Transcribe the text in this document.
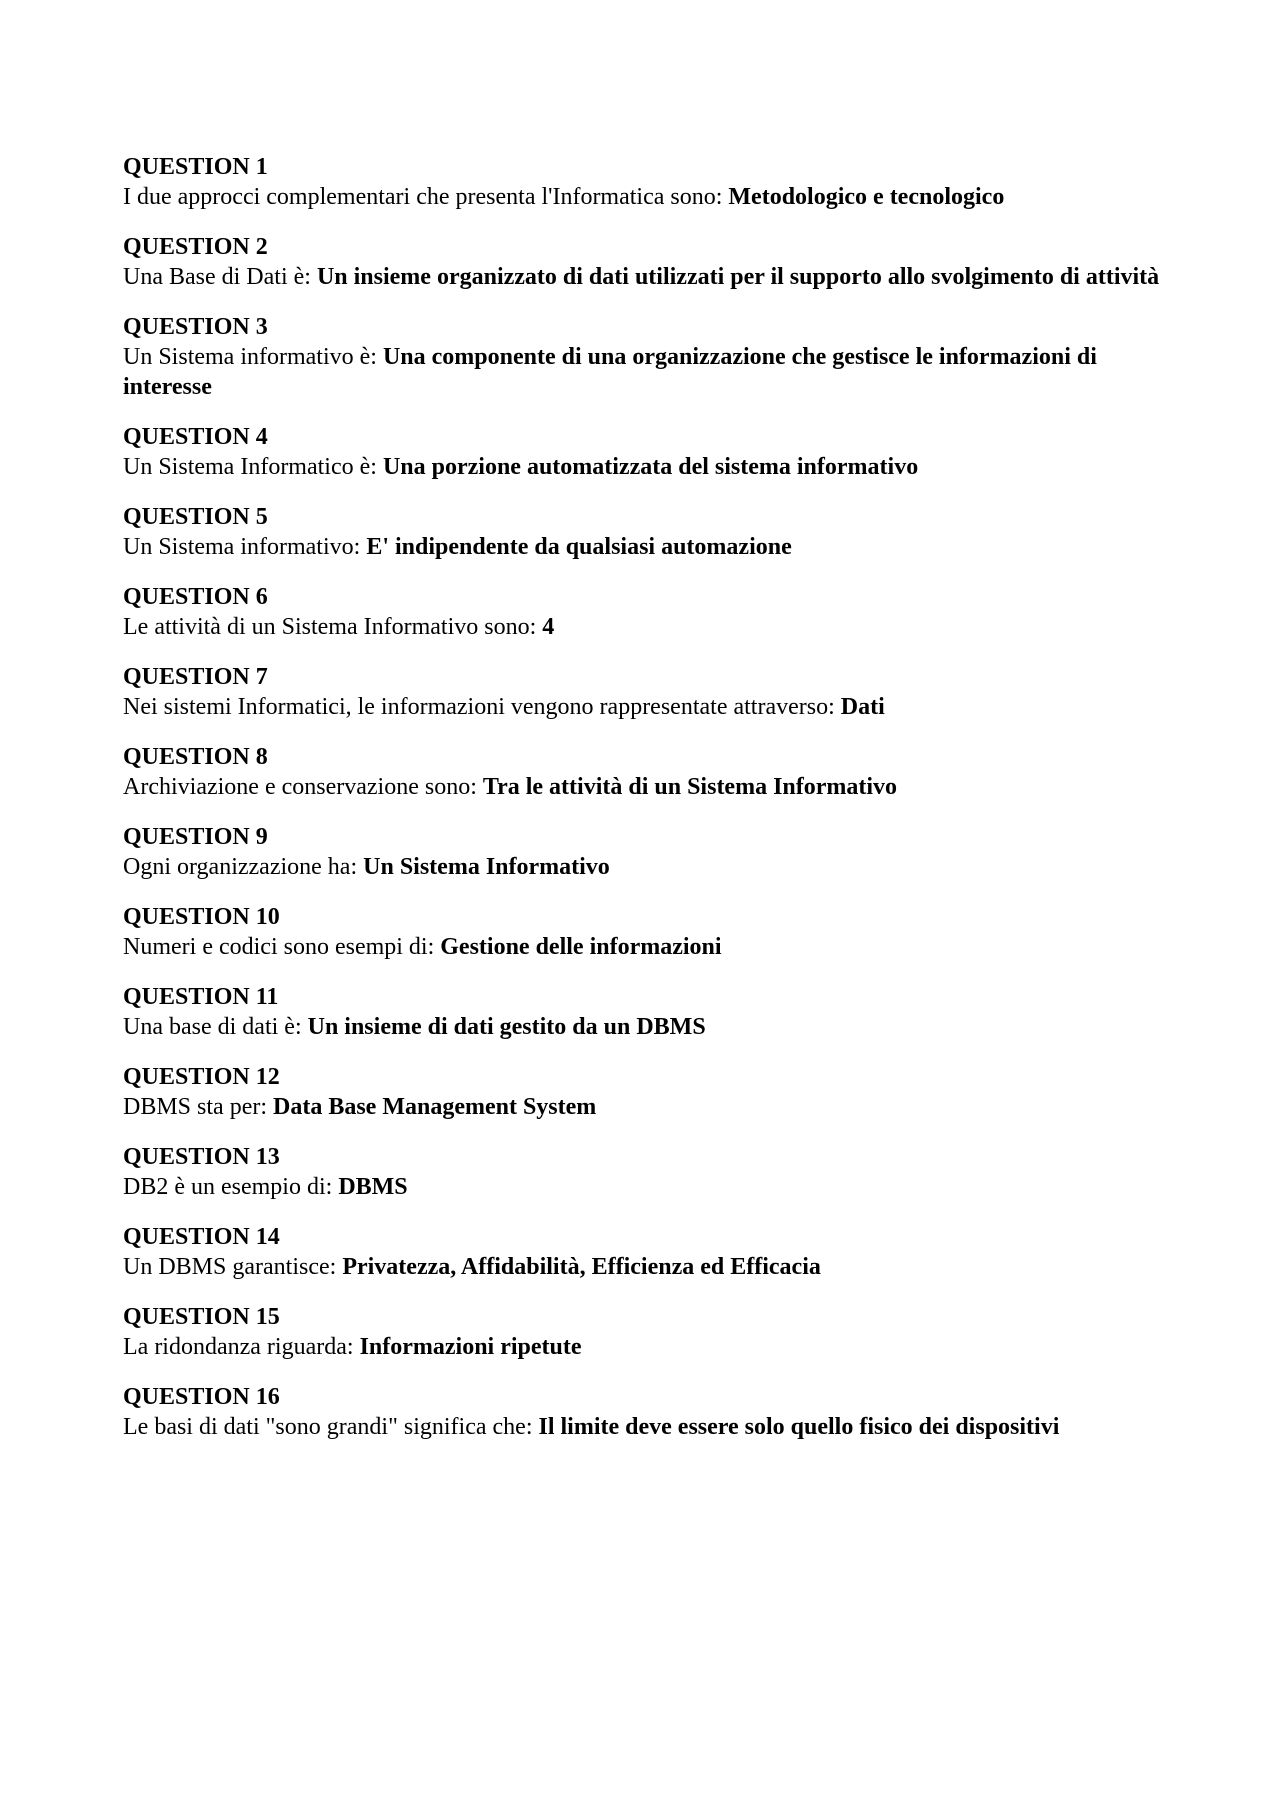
QUESTION 1
I due approcci complementari che presenta l'Informatica sono: Metodologico e tecnologico
QUESTION 2
Una Base di Dati è: Un insieme organizzato di dati utilizzati per il supporto allo svolgimento di attività
QUESTION 3
Un Sistema informativo è: Una componente di una organizzazione che gestisce le informazioni di interesse
QUESTION 4
Un Sistema Informatico è: Una porzione automatizzata del sistema informativo
QUESTION 5
Un Sistema informativo: E' indipendente da qualsiasi automazione
QUESTION 6
Le attività di un Sistema Informativo sono: 4
QUESTION 7
Nei sistemi Informatici, le informazioni vengono rappresentate attraverso: Dati
QUESTION 8
Archiviazione e conservazione sono: Tra le attività di un Sistema Informativo
QUESTION 9
Ogni organizzazione ha: Un Sistema Informativo
QUESTION 10
Numeri e codici sono esempi di: Gestione delle informazioni
QUESTION 11
Una base di dati è: Un insieme di dati gestito da un DBMS
QUESTION 12
DBMS sta per: Data Base Management System
QUESTION 13
DB2 è un esempio di: DBMS
QUESTION 14
Un DBMS garantisce: Privatezza, Affidabilità, Efficienza ed Efficacia
QUESTION 15
La ridondanza riguarda: Informazioni ripetute
QUESTION 16
Le basi di dati "sono grandi" significa che: Il limite deve essere solo quello fisico dei dispositivi
